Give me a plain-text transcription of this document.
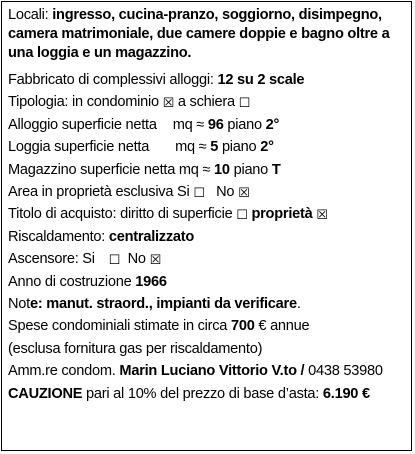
Locali: ingresso, cucina-pranzo, soggiorno, disimpegno, camera matrimoniale, due camere doppie e bagno oltre a una loggia e un magazzino.
Fabbricato di complessivi alloggi: 12 su 2 scale
Tipologia: in condominio ☒ a schiera ☐
Alloggio superficie netta mq ≈ 96 piano 2°
Loggia superficie netta mq ≈ 5 piano 2°
Magazzino superficie netta mq ≈ 10 piano T
Area in proprietà esclusiva Si ☐   No ☒
Titolo di acquisto: diritto di superficie ☐ proprietà ☒
Riscaldamento: centralizzato
Ascensore: Si ☐  No ☒
Anno di costruzione 1966
Note: manut. straord., impianti da verificare.
Spese condominiali stimate in circa 700 € annue
(esclusa fornitura gas per riscaldamento)
Amm.re condom. Marin Luciano Vittorio V.to / 0438 53980
CAUZIONE pari al 10% del prezzo di base d’asta: 6.190 €
